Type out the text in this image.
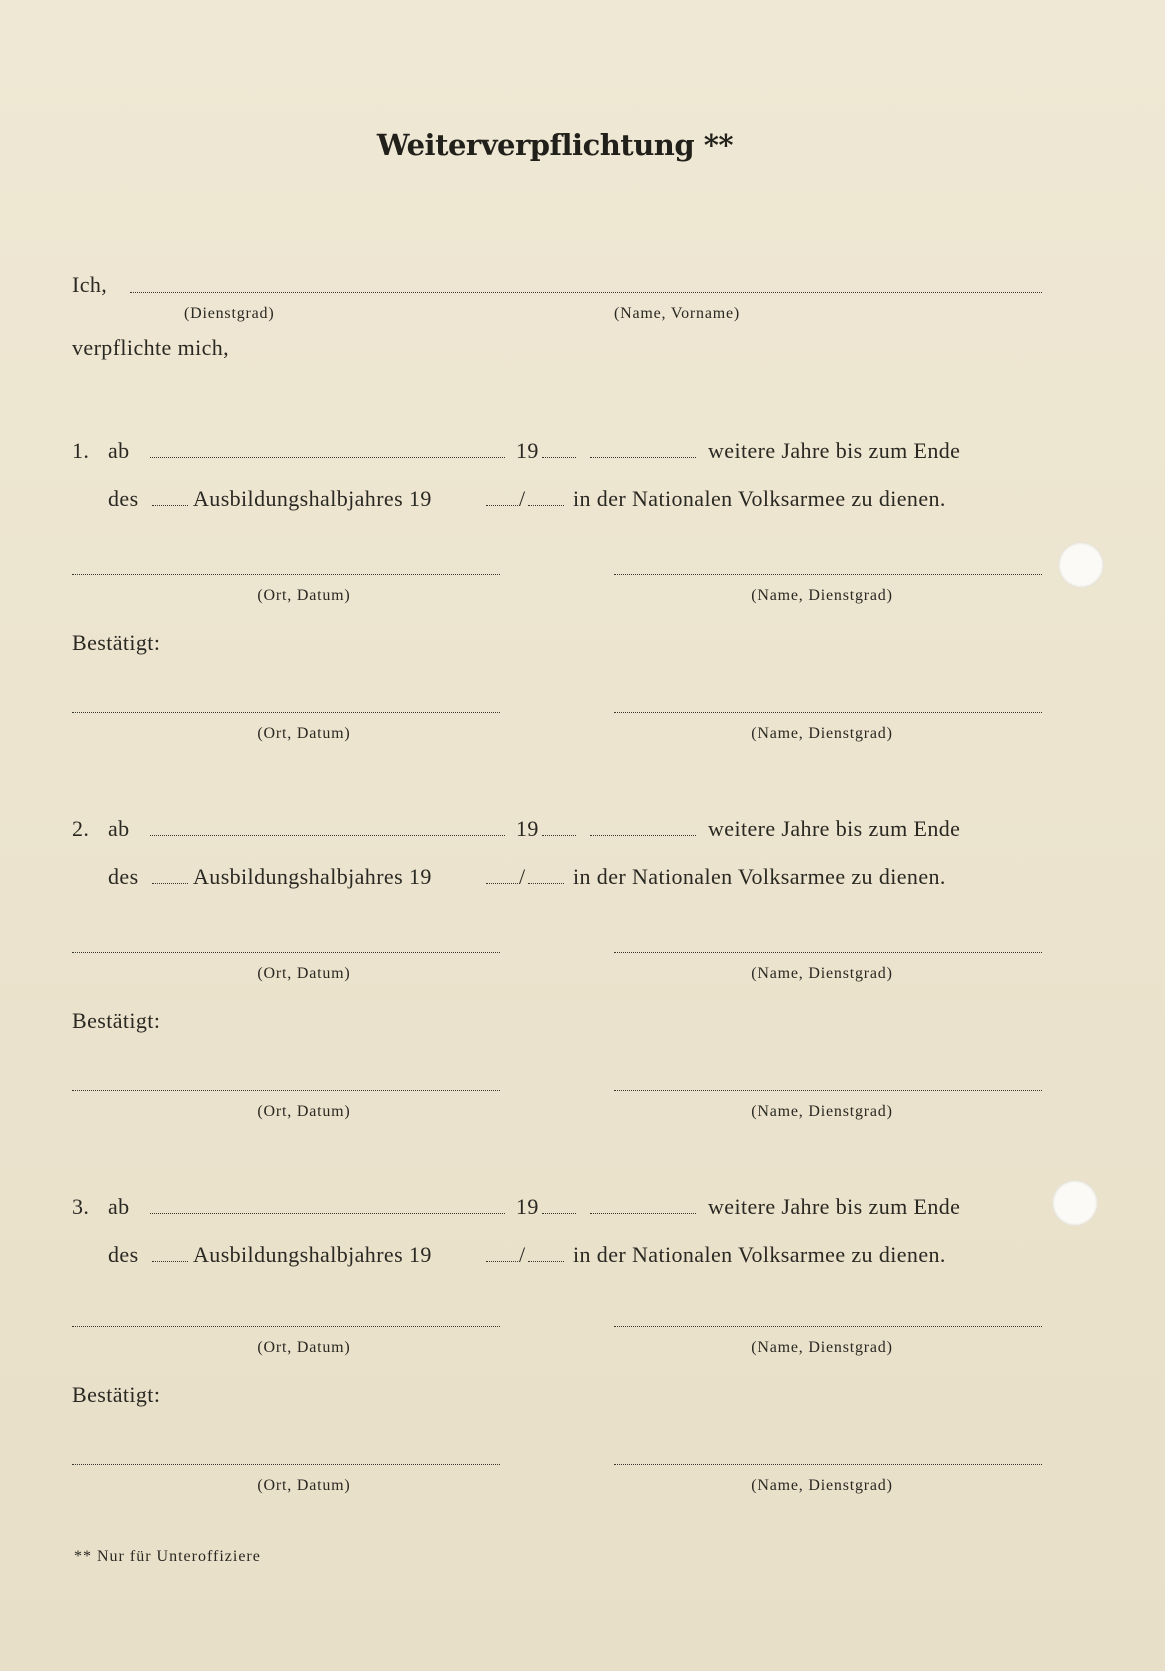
Weiterverpflichtung **
Ich,
(Dienstgrad)	(Name, Vorname)
verpflichte mich,
1. ab	19	weitere Jahre bis zum Ende
des Ausbildungshalbjahres 19	/ in der Nationalen Volksarmee zu dienen.
(Ort, Datum)	(Name, Dienstgrad)
Bestätigt:
(Ort, Datum)	(Name, Dienstgrad)
2. ab	19	weitere Jahre bis zum Ende
des Ausbildungshalbjahres 19	/ in der Nationalen Volksarmee zu dienen.
(Ort, Datum)	(Name, Dienstgrad)
Bestätigt:
(Ort, Datum)	(Name, Dienstgrad)
3. ab	19	weitere Jahre bis zum Ende
des Ausbildungshalbjahres 19	/ in der Nationalen Volksarmee zu dienen.
(Ort, Datum)	(Name, Dienstgrad)
Bestätigt:
(Ort, Datum)	(Name, Dienstgrad)
** Nur für Unteroffiziere
